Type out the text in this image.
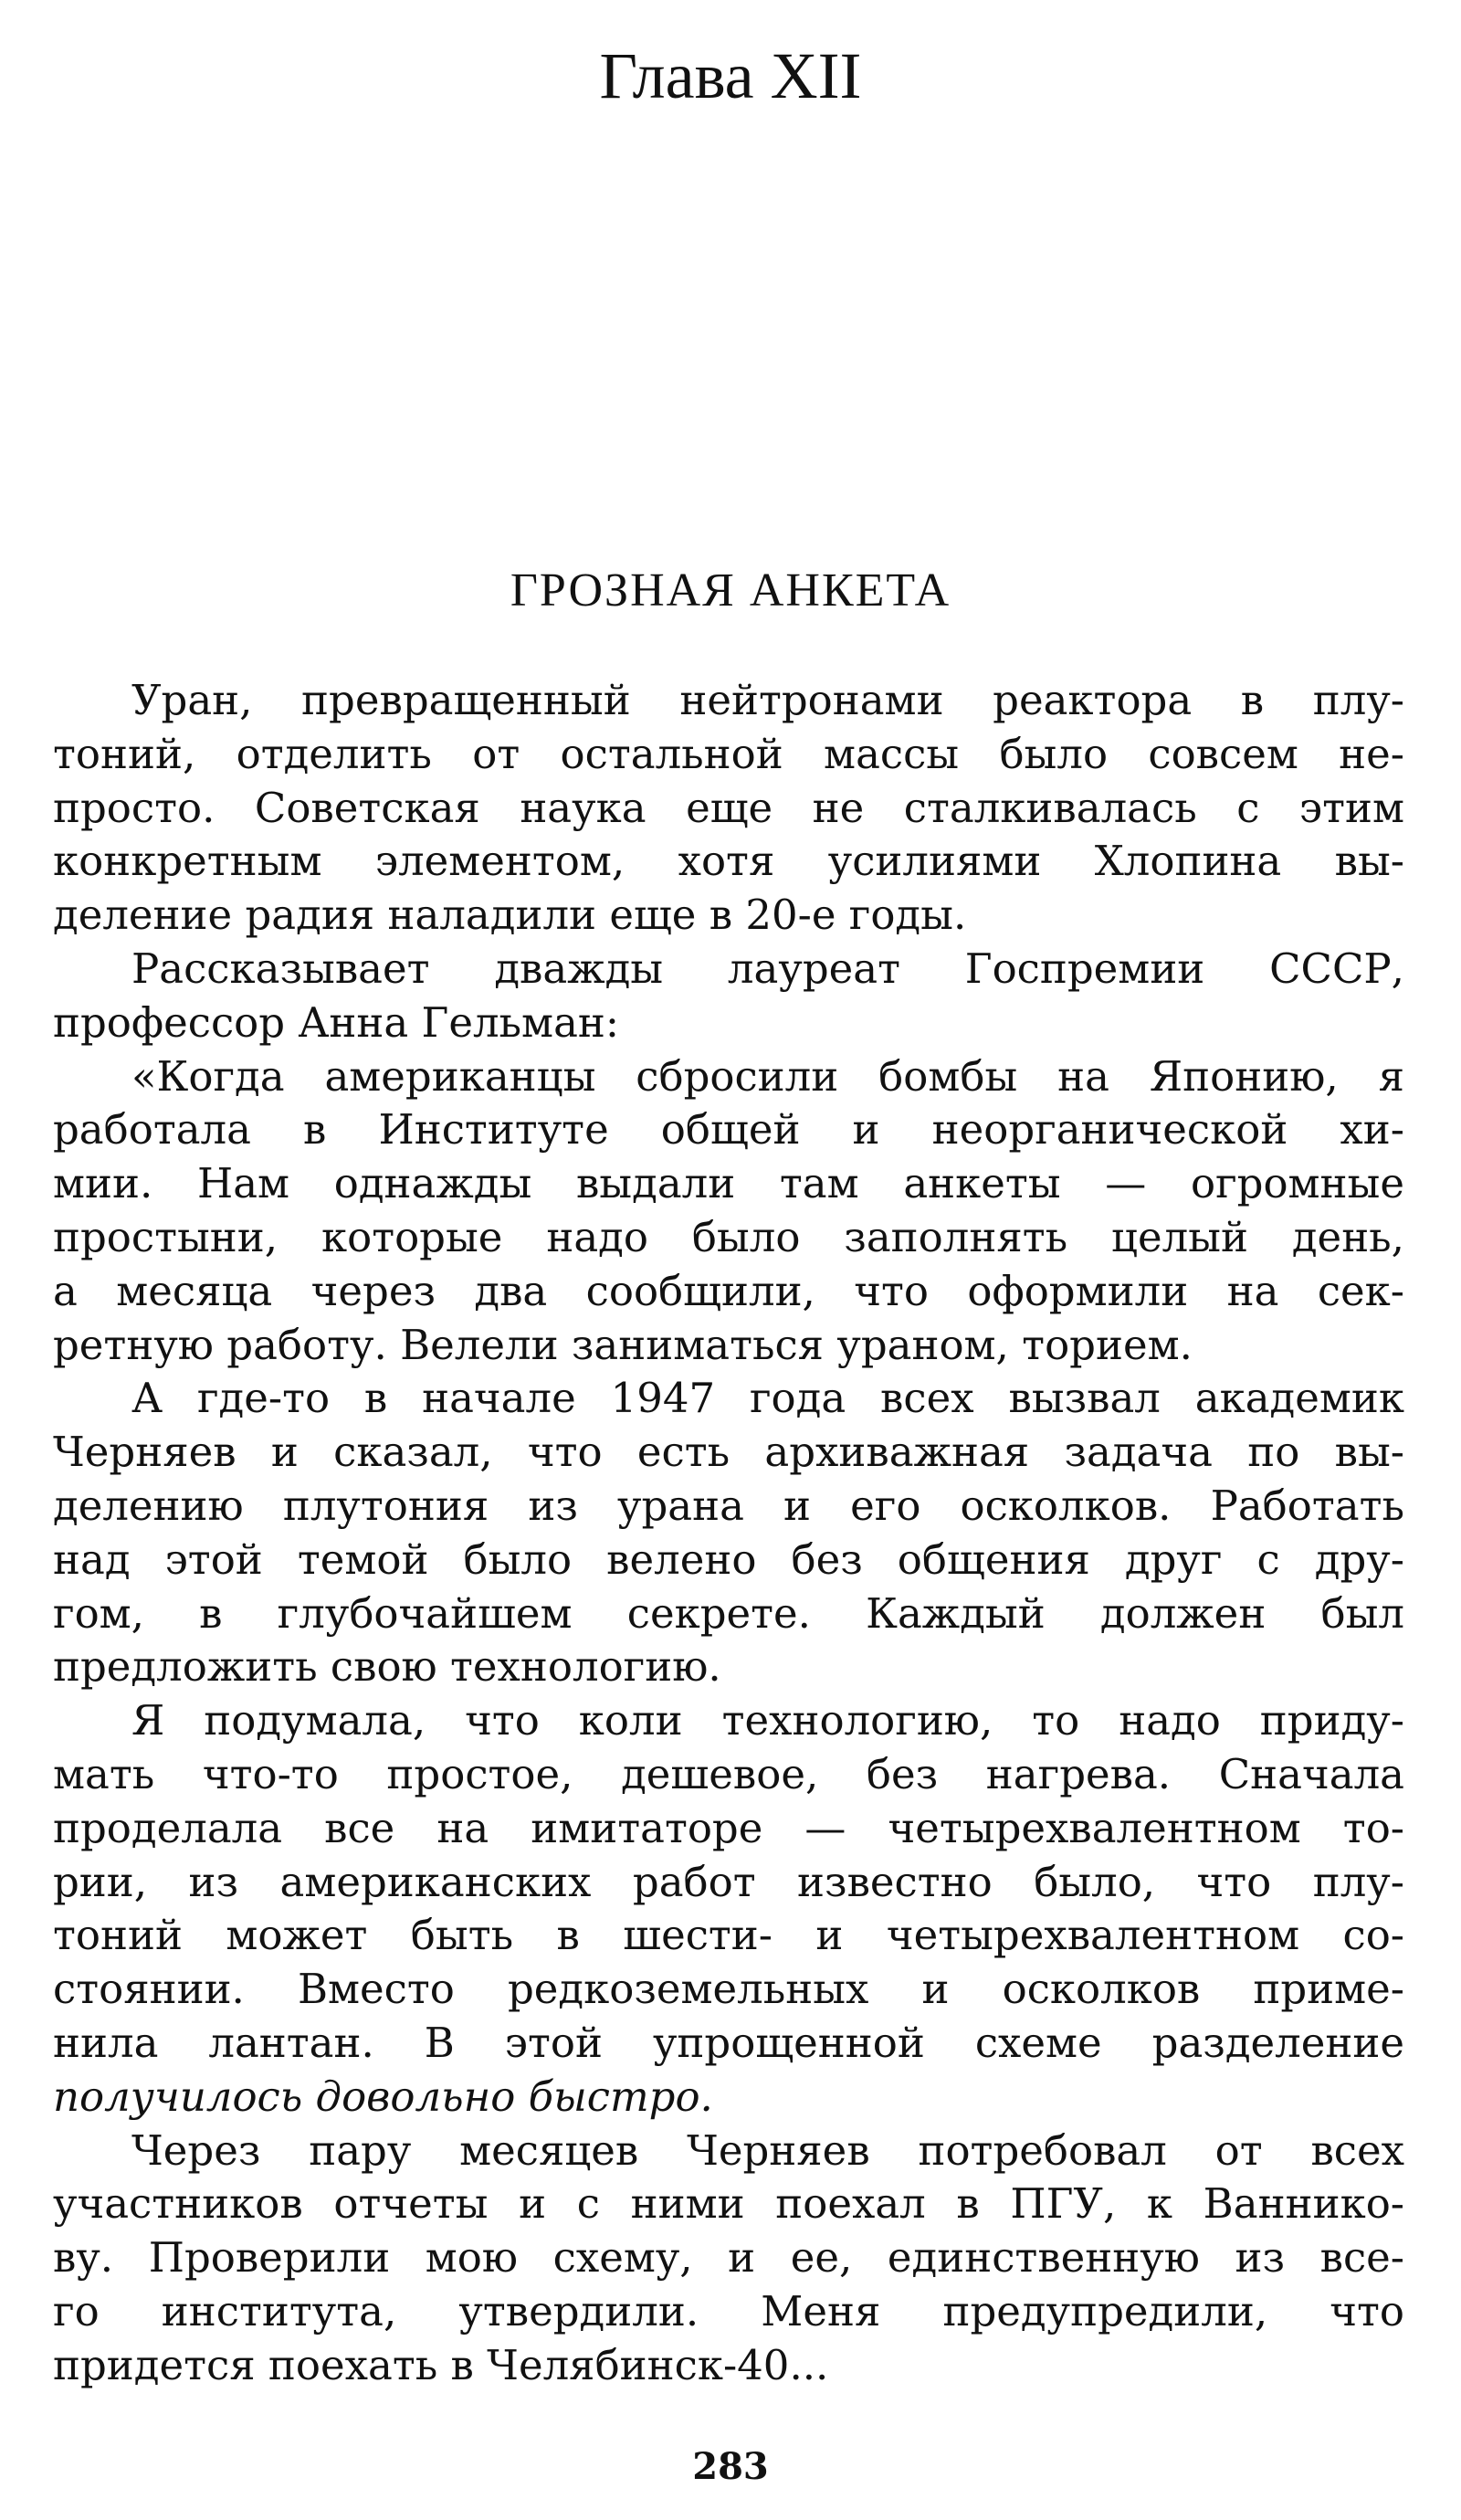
Глава XII
ГРОЗНАЯ АНКЕТА
Уран, превращенный нейтронами реактора в плу-
тоний, отделить от остальной массы было совсем не-
просто. Советская наука еще не сталкивалась с этим
конкретным элементом, хотя усилиями Хлопина вы-
деление радия наладили еще в 20-е годы.
Рассказывает дважды лауреат Госпремии СССР,
профессор Анна Гельман:
«Когда американцы сбросили бомбы на Японию, я
работала в Институте общей и неорганической хи-
мии. Нам однажды выдали там анкеты — огромные
простыни, которые надо было заполнять целый день,
а месяца через два сообщили, что оформили на сек-
ретную работу. Велели заниматься ураном, торием.
А где-то в начале 1947 года всех вызвал академик
Черняев и сказал, что есть архиважная задача по вы-
делению плутония из урана и его осколков. Работать
над этой темой было велено без общения друг с дру-
гом, в глубочайшем секрете. Каждый должен был
предложить свою технологию.
Я подумала, что коли технологию, то надо приду-
мать что-то простое, дешевое, без нагрева. Сначала
проделала все на имитаторе — четырехвалентном то-
рии, из американских работ известно было, что плу-
тоний может быть в шести- и четырехвалентном со-
стоянии. Вместо редкоземельных и осколков приме-
нила лантан. В этой упрощенной схеме разделение
получилось довольно быстро.
Через пару месяцев Черняев потребовал от всех
участников отчеты и с ними поехал в ПГУ, к Ваннико-
ву. Проверили мою схему, и ее, единственную из все-
го института, утвердили. Меня предупредили, что
придется поехать в Челябинск-40...
283
